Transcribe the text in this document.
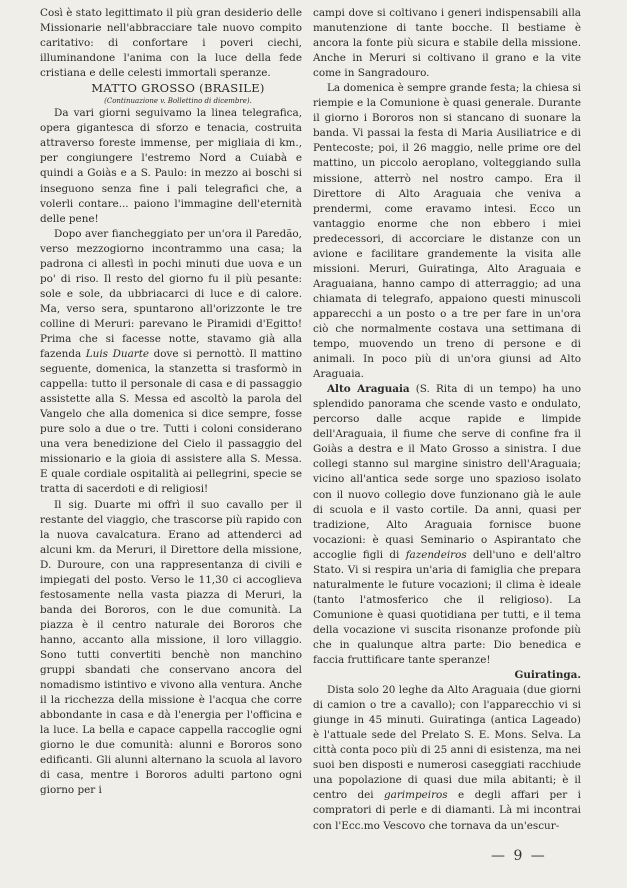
Così è stato legittimato il più gran desiderio delle Missionarie nell'abbracciare tale nuovo compito caritativo: di confortare i poveri ciechi, illuminandone l'anima con la luce della fede cristiana e delle celesti immortali speranze.

MATTO GROSSO (BRASILE)

(Continuazione v. Bollettino di dicembre).

Da vari giorni seguivamo la linea telegrafica, opera gigantesca di sforzo e tenacia, costruita attraverso foreste immense, per migliaia di km., per congiungere l'estremo Nord a Cuiabà e quindi a Goiàs e a S. Paulo: in mezzo ai boschi si inseguono senza fine i pali telegrafici che, a volerli contare... paiono l'immagine dell'eternità delle pene!

Dopo aver fiancheggiato per un'ora il Paredão, verso mezzogiorno incontrammo una casa; la padrona ci allestì in pochi minuti due uova e un po' di riso. Il resto del giorno fu il più pesante: sole e sole, da ubbriacarci di luce e di calore. Ma, verso sera, spuntarono all'orizzonte le tre colline di Meruri: parevano le Piramidi d'Egitto! Prima che si facesse notte, stavamo già alla fazenda Luis Duarte dove si pernottò. Il mattino seguente, domenica, la stanzetta si trasformò in cappella: tutto il personale di casa e di passaggio assistette alla S. Messa ed ascoltò la parola del Vangelo che alla domenica si dice sempre, fosse pure solo a due o tre. Tutti i coloni considerano una vera benedizione del Cielo il passaggio del missionario e la gioia di assistere alla S. Messa. E quale cordiale ospitalità ai pellegrini, specie se tratta di sacerdoti e di religiosi!

Il sig. Duarte mi offrì il suo cavallo per il restante del viaggio, che trascorse più rapido con la nuova cavalcatura. Erano ad attenderci ad alcuni km. da Meruri, il Direttore della missione, D. Duroure, con una rappresentanza di civili e impiegati del posto. Verso le 11,30 ci accoglieva festosamente nella vasta piazza di Meruri, la banda dei Bororos, con le due comunità. La piazza è il centro naturale dei Bororos che hanno, accanto alla missione, il loro villaggio. Sono tutti convertiti benchè non manchino gruppi sbandati che conservano ancora del nomadismo istintivo e vivono alla ventura. Anche il la ricchezza della missione è l'acqua che corre abbondante in casa e dà l'energia per l'officina e la luce. La bella e capace cappella raccoglie ogni giorno le due comunità: alunni e Bororos sono edificanti. Gli alunni alternano la scuola al lavoro di casa, mentre i Bororos adulti partono ogni giorno per i

campi dove si coltivano i generi indispensabili alla manutenzione di tante bocche. Il bestiame è ancora la fonte più sicura e stabile della missione. Anche in Meruri si coltivano il grano e la vite come in Sangradouro.

La domenica è sempre grande festa; la chiesa si riempie e la Comunione è quasi generale. Durante il giorno i Bororos non si stancano di suonare la banda. Vi passai la festa di Maria Ausiliatrice e di Pentecoste; poi, il 26 maggio, nelle prime ore del mattino, un piccolo aeroplano, volteggiando sulla missione, atterrò nel nostro campo. Era il Direttore di Alto Araguaia che veniva a prendermi, come eravamo intesi. Ecco un vantaggio enorme che non ebbero i miei predecessori, di accorciare le distanze con un avione e facilitare grandemente la visita alle missioni. Meruri, Guiratinga, Alto Araguaia e Araguaiana, hanno campo di atterraggio; ad una chiamata di telegrafo, appaiono questi minuscoli apparecchi a un posto o a tre per fare in un'ora ciò che normalmente costava una settimana di tempo, muovendo un treno di persone e di animali. In poco più di un'ora giunsi ad Alto Araguaia.

Alto Araguaia (S. Rita di un tempo) ha uno splendido panorama che scende vasto e ondulato, percorso dalle acque rapide e limpide dell'Araguaia, il fiume che serve di confine fra il Goiàs a destra e il Mato Grosso a sinistra. I due collegi stanno sul margine sinistro dell'Araguaia; vicino all'antica sede sorge uno spazioso isolato con il nuovo collegio dove funzionano già le aule di scuola e il vasto cortile. Da anni, quasi per tradizione, Alto Araguaia fornisce buone vocazioni: è quasi Seminario o Aspirantato che accoglie figli di fazendeiros dell'uno e dell'altro Stato. Vi si respira un'aria di famiglia che prepara naturalmente le future vocazioni; il clima è ideale (tanto l'atmosferico che il religioso). La Comunione è quasi quotidiana per tutti, e il tema della vocazione vi suscita risonanze profonde più che in qualunque altra parte: Dio benedica e faccia fruttificare tante speranze!

Guiratinga.

Dista solo 20 leghe da Alto Araguaia (due giorni di camion o tre a cavallo); con l'apparecchio vi si giunge in 45 minuti. Guiratinga (antica Lageado) è l'attuale sede del Prelato S. E. Mons. Selva. La città conta poco più di 25 anni di esistenza, ma nei suoi ben disposti e numerosi caseggiati racchiude una popolazione di quasi due mila abitanti; è il centro dei garimpeiros e degli affari per i compratori di perle e di diamanti. Là mi incontrai con l'Ecc.mo Vescovo che tornava da un'escur-

— 9 —
